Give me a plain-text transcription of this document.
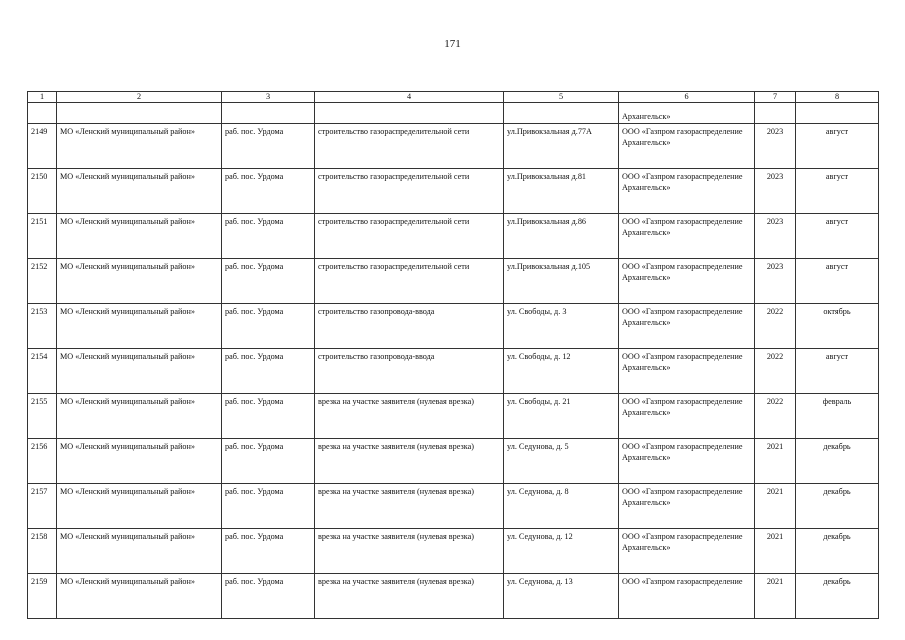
171
1	2	3	4	5	6	7	8

					Архангельск»		

2149	МО «Ленский муниципальный район»	раб. пос. Урдома	строительство газораспределительной сети	ул.Привокзальная д.77А	ООО «Газпром газораспределение Архангельск»	2023	август
2150	МО «Ленский муниципальный район»	раб. пос. Урдома	строительство газораспределительной сети	ул.Привокзальная д.81	ООО «Газпром газораспределение Архангельск»	2023	август
2151	МО «Ленский муниципальный район»	раб. пос. Урдома	строительство газораспределительной сети	ул.Привокзальная д.86	ООО «Газпром газораспределение Архангельск»	2023	август
2152	МО «Ленский муниципальный район»	раб. пос. Урдома	строительство газораспределительной сети	ул.Привокзальная д.105	ООО «Газпром газораспределение Архангельск»	2023	август
2153	МО «Ленский муниципальный район»	раб. пос. Урдома	строительство газопровода-ввода	ул. Свободы, д. 3	ООО «Газпром газораспределение Архангельск»	2022	октябрь
2154	МО «Ленский муниципальный район»	раб. пос. Урдома	строительство газопровода-ввода	ул. Свободы, д. 12	ООО «Газпром газораспределение Архангельск»	2022	август
2155	МО «Ленский муниципальный район»	раб. пос. Урдома	врезка на участке заявителя (нулевая врезка)	ул. Свободы, д. 21	ООО «Газпром газораспределение Архангельск»	2022	февраль
2156	МО «Ленский муниципальный район»	раб. пос. Урдома	врезка на участке заявителя (нулевая врезка)	ул. Седунова, д. 5	ООО «Газпром газораспределение Архангельск»	2021	декабрь
2157	МО «Ленский муниципальный район»	раб. пос. Урдома	врезка на участке заявителя (нулевая врезка)	ул. Седунова, д. 8	ООО «Газпром газораспределение Архангельск»	2021	декабрь
2158	МО «Ленский муниципальный район»	раб. пос. Урдома	врезка на участке заявителя (нулевая врезка)	ул. Седунова, д. 12	ООО «Газпром газораспределение Архангельск»	2021	декабрь
2159	МО «Ленский муниципальный район»	раб. пос. Урдома	врезка на участке заявителя (нулевая врезка)	ул. Седунова, д. 13	ООО «Газпром газораспределение	2021	декабрь
